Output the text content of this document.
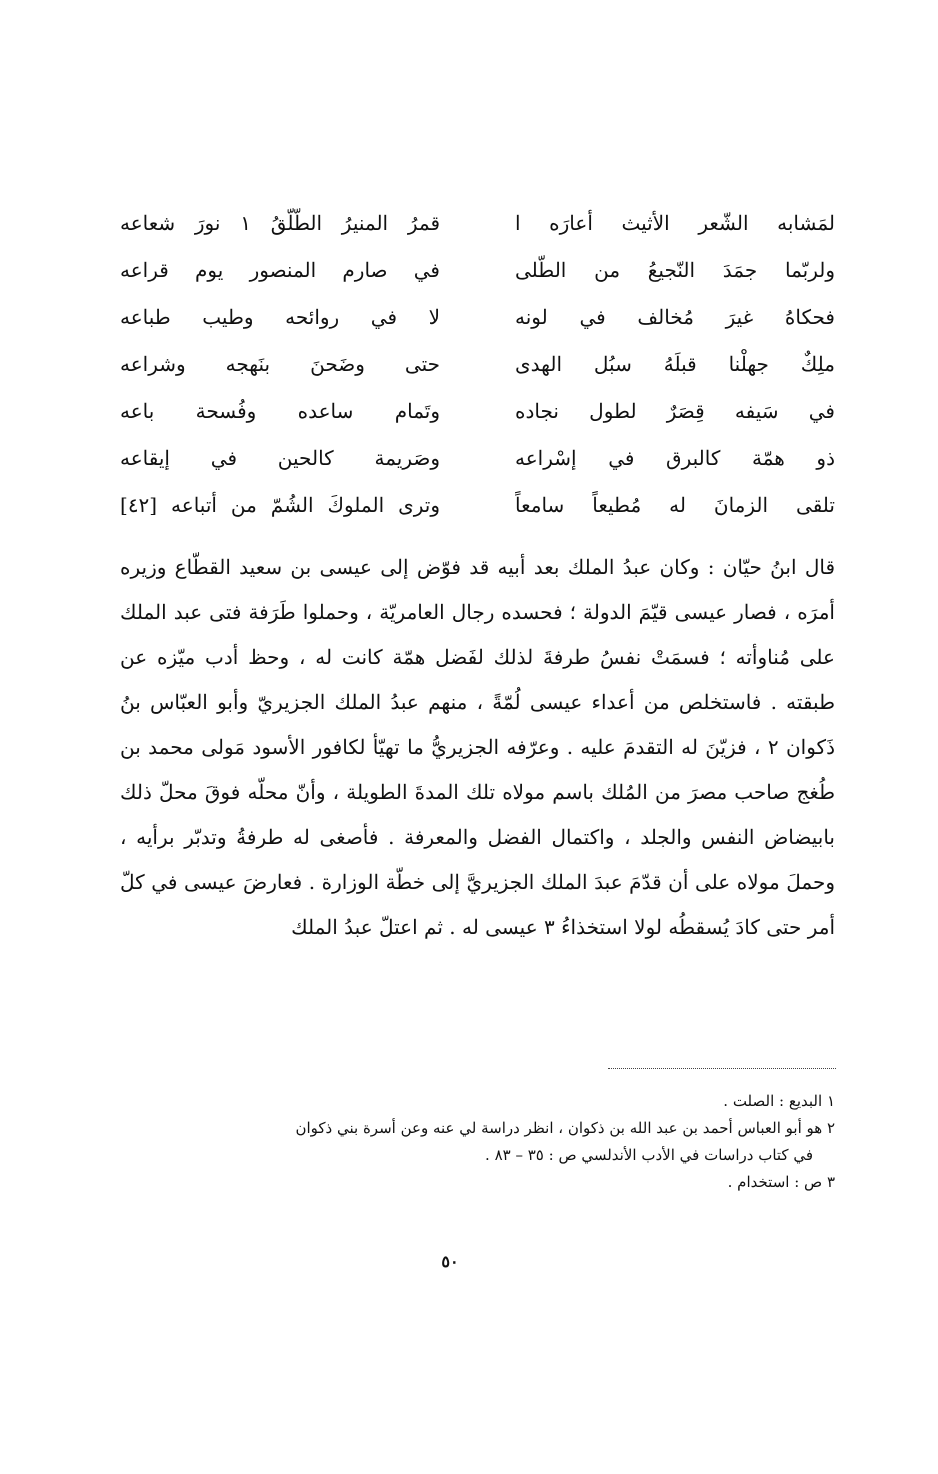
لمَشابه الشّعر الأثيث أعارَه ا
قمرُ المنيرُ الطّلّقُ ١ نورَ شعاعه
ولربّما جمَدَ النّجيعُ من الطّلى
في صارم المنصور يوم قراعه
فحكاهُ غيرَ مُخالف في لونه
لا في روائحه وطيب طباعه
ملِكٌ جهلْنا قبلَهُ سبُل الهدى
حتى وضَحنَ بنَهجه وشراعه
في سَيفه قِصَرٌ لطول نجاده
وتَمام ساعده وفُسحة باعه
ذو همّة كالبرق في إسْراعه
وصَريمة كالحين في إيقاعه
تلقى الزمانَ له مُطيعاً سامعاً
وترى الملوكَ الشُمّ من أتباعه [٤٢]

قال ابنُ حيّان : وكان عبدُ الملك بعد أبيه قد فوّض إلى عيسى بن سعيد القطّاع وزيره أمرَه ، فصار عيسى قيّمَ الدولة ؛ فحسده رجال العامريّة ، وحملوا طَرَفة فتى عبد الملك على مُناوأته ؛ فسمَتْ نفسُ طرفةَ لذلك لفَضل همّة كانت له ، وحظ أدب ميّزه عن طبقته . فاستخلص من أعداء عيسى لُمّةً ، منهم عبدُ الملك الجزيريّ وأبو العبّاس بنُ ذَكوان ٢ ، فزيّنَ له التقدمَ عليه . وعرّفه الجزيريُّ ما تهيّأ لكافور الأسود مَولى محمد بن طُغج صاحب مصرَ من المُلك باسم مولاه تلك المدةَ الطويلة ، وأنّ محلّه فوقَ محلّ ذلك بابيضاض النفس والجلد ، واكتمال الفضل والمعرفة . فأصغى له طرفةُ وتدبّر برأيه ، وحملَ مولاه على أن قدّمَ عبدَ الملك الجزيريَّ إلى خطّة الوزارة . فعارضَ عيسى في كلّ أمر حتى كادَ يُسقطُه لولا استخذاءُ ٣ عيسى له . ثم اعتلّ عبدُ الملك

١ البديع : الصلت .

٢ هو أبو العباس أحمد بن عبد الله بن ذكوان ، انظر دراسة لي عنه وعن أسرة بني ذكوان

في كتاب دراسات في الأدب الأندلسي ص : ٣٥ – ٨٣ .

٣ ص : استخدام .

٥٠
